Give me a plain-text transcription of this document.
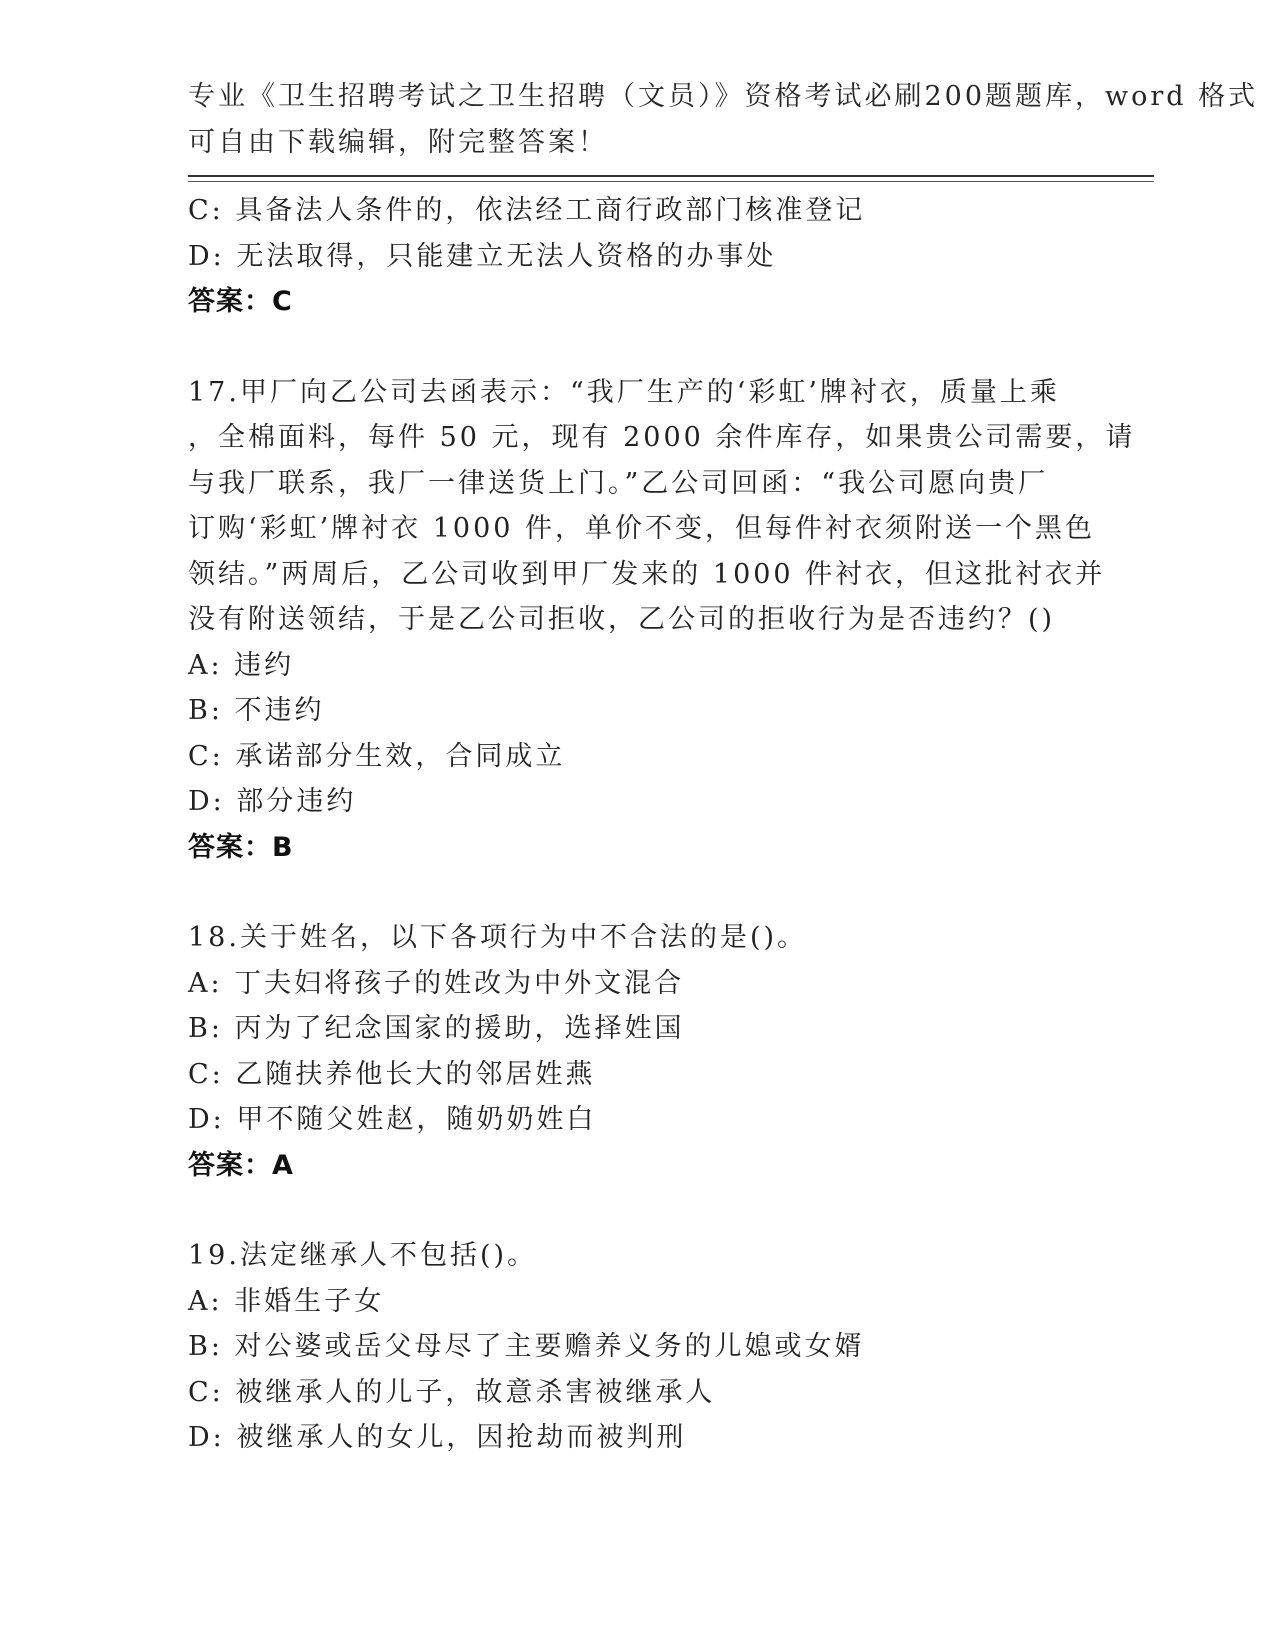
专业《卫生招聘考试之卫生招聘（文员）》资格考试必刷200题题库，word 格式
可自由下载编辑，附完整答案！
C: 具备法人条件的，依法经工商行政部门核准登记
D: 无法取得，只能建立无法人资格的办事处
答案：C
17.甲厂向乙公司去函表示：“我厂生产的‘彩虹’牌衬衣，质量上乘
，全棉面料，每件 50 元，现有 2000 余件库存，如果贵公司需要，请
与我厂联系，我厂一律送货上门。”乙公司回函：“我公司愿向贵厂
订购‘彩虹’牌衬衣 1000 件，单价不变，但每件衬衣须附送一个黑色
领结。”两周后，乙公司收到甲厂发来的 1000 件衬衣，但这批衬衣并
没有附送领结，于是乙公司拒收，乙公司的拒收行为是否违约？()
A: 违约
B: 不违约
C: 承诺部分生效，合同成立
D: 部分违约
答案：B
18.关于姓名，以下各项行为中不合法的是()。
A: 丁夫妇将孩子的姓改为中外文混合
B: 丙为了纪念国家的援助，选择姓国
C: 乙随扶养他长大的邻居姓燕
D: 甲不随父姓赵，随奶奶姓白
答案：A
19.法定继承人不包括()。
A: 非婚生子女
B: 对公婆或岳父母尽了主要赡养义务的儿媳或女婿
C: 被继承人的儿子，故意杀害被继承人
D: 被继承人的女儿，因抢劫而被判刑
